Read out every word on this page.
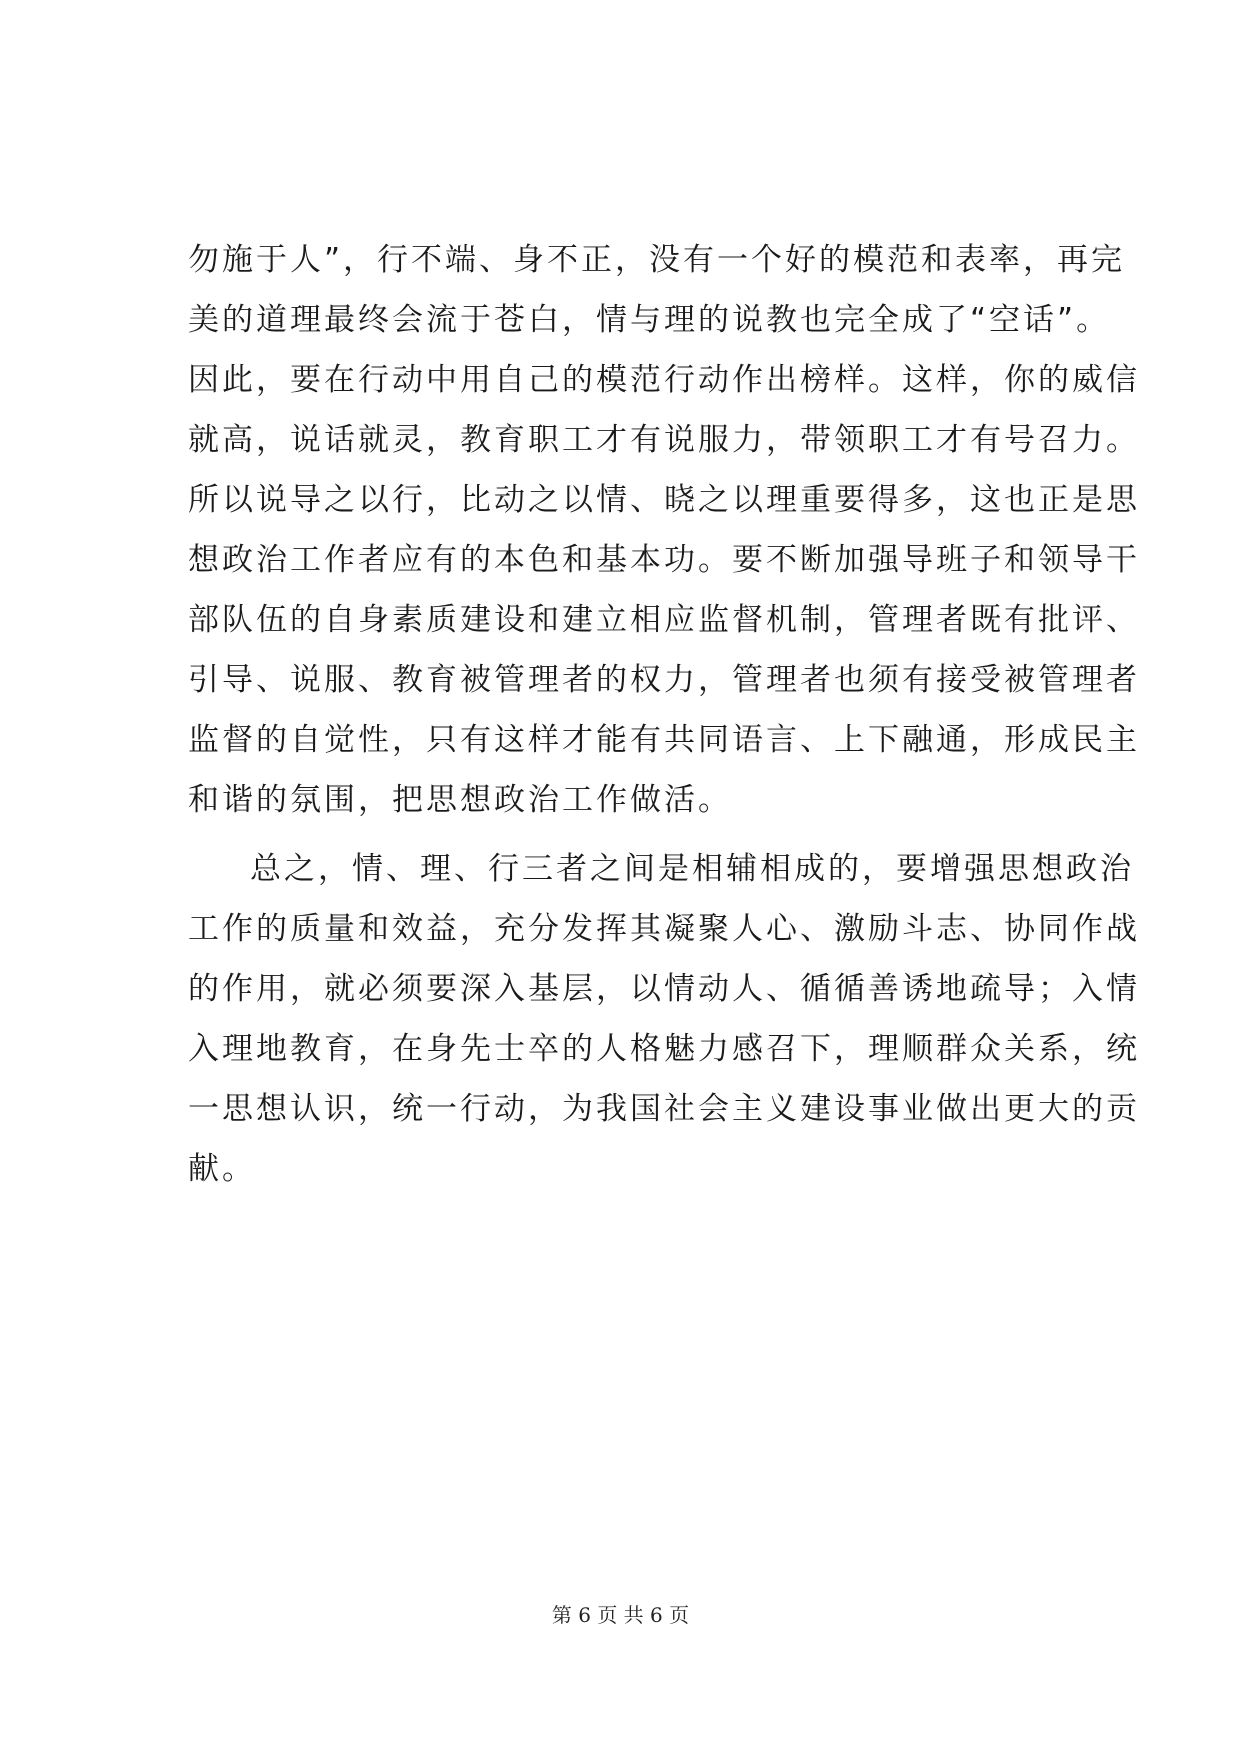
勿施于人”，行不端、身不正，没有一个好的模范和表率，再完
美的道理最终会流于苍白，情与理的说教也完全成了“空话”。
因此，要在行动中用自己的模范行动作出榜样。这样，你的威信
就高，说话就灵，教育职工才有说服力，带领职工才有号召力。
所以说导之以行，比动之以情、晓之以理重要得多，这也正是思
想政治工作者应有的本色和基本功。要不断加强导班子和领导干
部队伍的自身素质建设和建立相应监督机制，管理者既有批评、
引导、说服、教育被管理者的权力，管理者也须有接受被管理者
监督的自觉性，只有这样才能有共同语言、上下融通，形成民主
和谐的氛围，把思想政治工作做活。
总之，情、理、行三者之间是相辅相成的，要增强思想政治
工作的质量和效益，充分发挥其凝聚人心、激励斗志、协同作战
的作用，就必须要深入基层，以情动人、循循善诱地疏导；入情
入理地教育，在身先士卒的人格魅力感召下，理顺群众关系，统
一思想认识，统一行动，为我国社会主义建设事业做出更大的贡
献。
第 6 页 共 6 页
